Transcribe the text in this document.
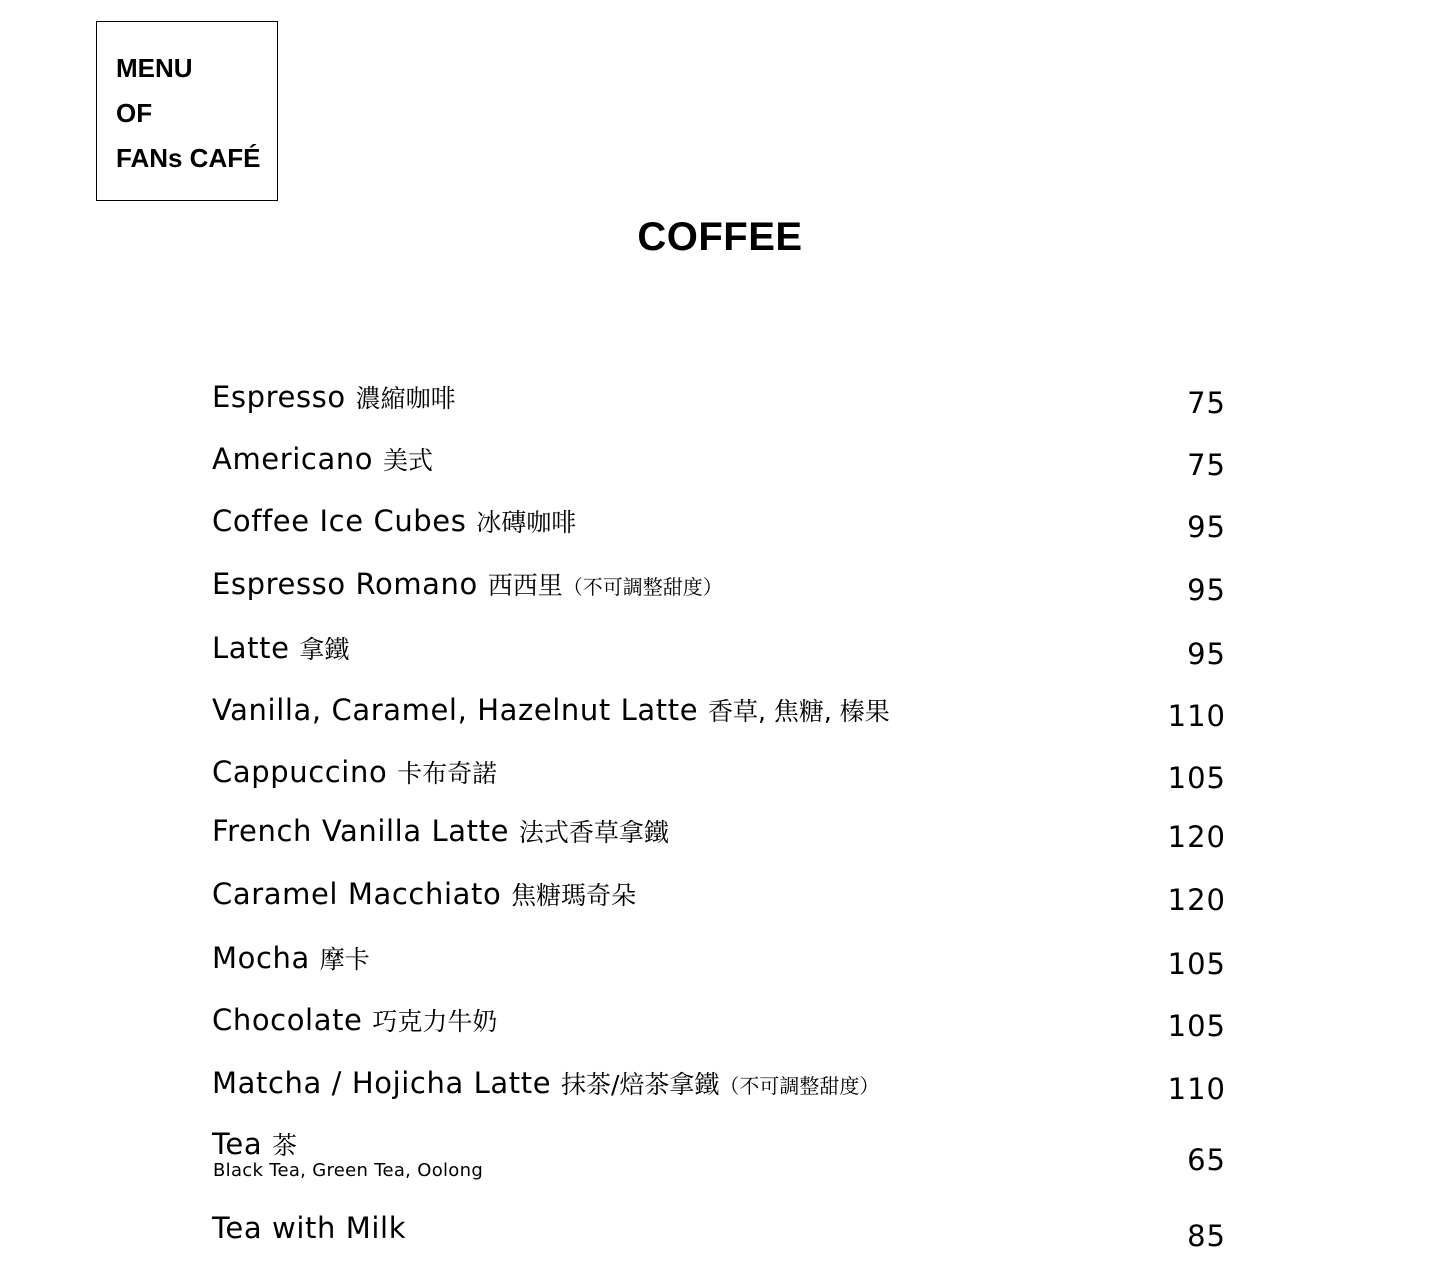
MENU
OF
FANs CAFÉ
COFFEE
Espresso 濃縮咖啡	75
Americano 美式	75
Coffee Ice Cubes 冰磚咖啡	95
Espresso Romano 西西里（不可調整甜度）	95
Latte 拿鐵	95
Vanilla, Caramel, Hazelnut Latte 香草, 焦糖, 榛果	110
Cappuccino 卡布奇諾	105
French Vanilla Latte 法式香草拿鐵	120
Caramel Macchiato 焦糖瑪奇朵	120
Mocha 摩卡	105
Chocolate 巧克力牛奶	105
Matcha / Hojicha Latte 抹茶/焙茶拿鐵（不可調整甜度）	110
Tea 茶
Black Tea, Green Tea, Oolong	65
Tea with Milk	85
